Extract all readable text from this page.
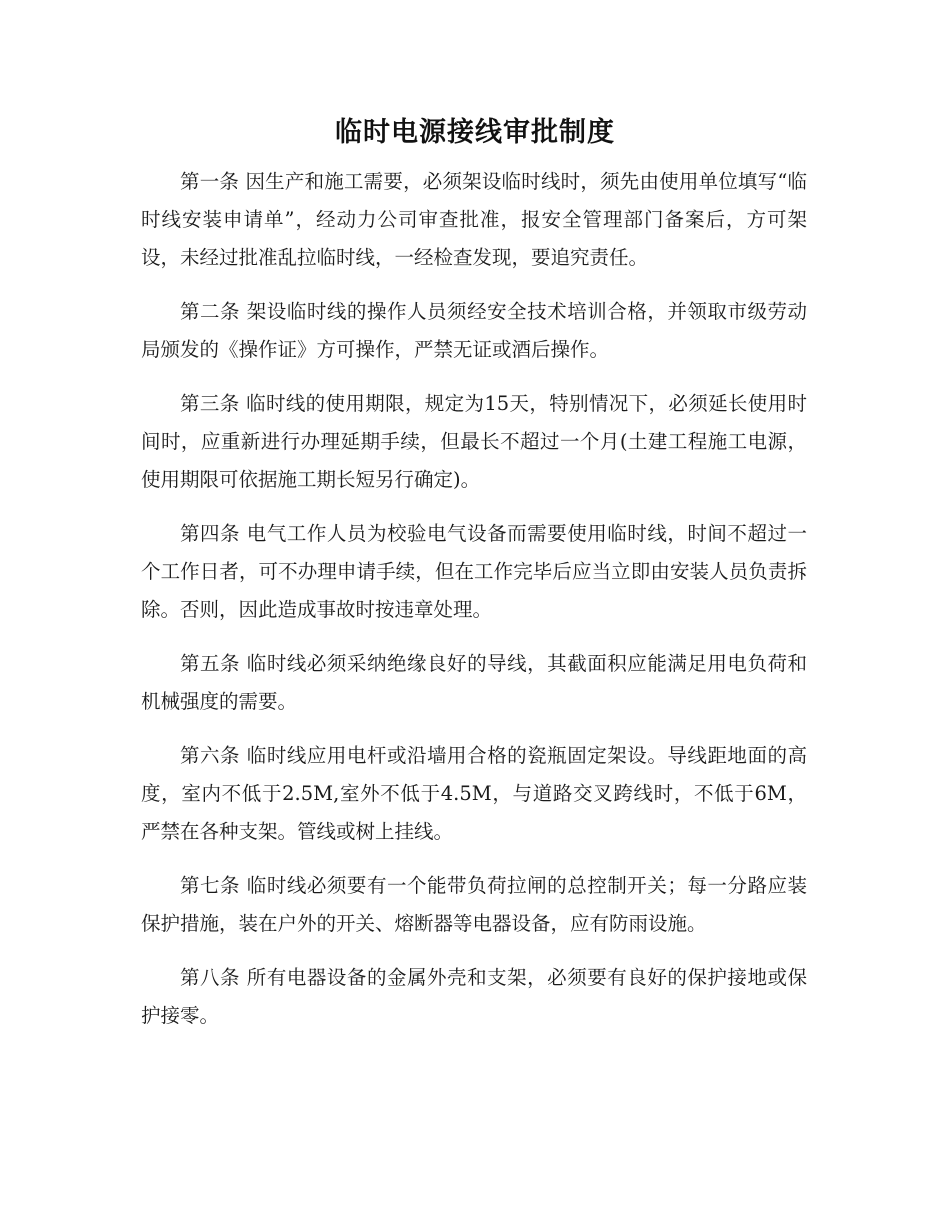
临时电源接线审批制度

第一条 因生产和施工需要，必须架设临时线时，须先由使用单位填写“临时线安装申请单”，经动力公司审查批准，报安全管理部门备案后，方可架设，未经过批准乱拉临时线，一经检查发现，要追究责任。

第二条 架设临时线的操作人员须经安全技术培训合格，并领取市级劳动局颁发的《操作证》方可操作，严禁无证或酒后操作。

第三条 临时线的使用期限，规定为15天，特别情况下，必须延长使用时间时，应重新进行办理延期手续，但最长不超过一个月(土建工程施工电源，使用期限可依据施工期长短另行确定)。

第四条 电气工作人员为校验电气设备而需要使用临时线，时间不超过一个工作日者，可不办理申请手续，但在工作完毕后应当立即由安装人员负责拆除。否则，因此造成事故时按违章处理。

第五条 临时线必须采纳绝缘良好的导线，其截面积应能满足用电负荷和机械强度的需要。

第六条 临时线应用电杆或沿墙用合格的瓷瓶固定架设。导线距地面的高度，室内不低于2.5M,室外不低于4.5M，与道路交叉跨线时，不低于6M，严禁在各种支架。管线或树上挂线。

第七条 临时线必须要有一个能带负荷拉闸的总控制开关；每一分路应装保护措施，装在户外的开关、熔断器等电器设备，应有防雨设施。

第八条 所有电器设备的金属外壳和支架，必须要有良好的保护接地或保护接零。
